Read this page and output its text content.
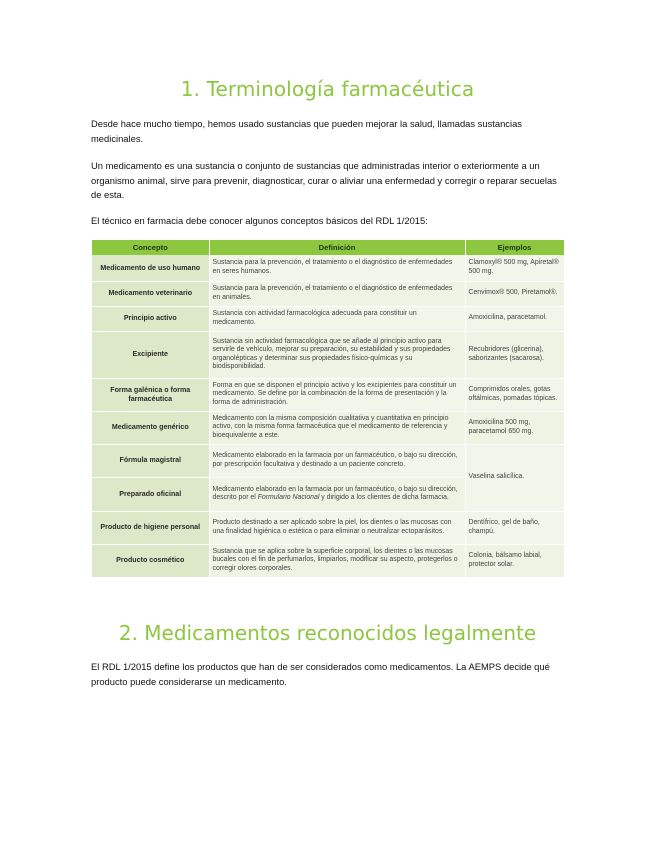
1. Terminología farmacéutica

Desde hace mucho tiempo, hemos usado sustancias que pueden mejorar la salud, llamadas sustancias medicinales.

Un medicamento es una sustancia o conjunto de sustancias que administradas interior o exteriormente a un organismo animal, sirve para prevenir, diagnosticar, curar o aliviar una enfermedad y corregir o reparar secuelas de esta.

El técnico en farmacia debe conocer algunos conceptos básicos del RDL 1/2015:

Concepto	Definición	Ejemplos
Medicamento de uso humano	Sustancia para la prevención, el tratamiento o el diagnóstico de enfermedades en seres humanos.	Clamoxyl® 500 mg, Apiretal® 500 mg.
Medicamento veterinario	Sustancia para la prevención, el tratamiento o el diagnóstico de enfermedades en animales.	Cenvimox® 500, Piretamol®.
Principio activo	Sustancia con actividad farmacológica adecuada para constituir un medicamento.	Amoxicilina, paracetamol.
Excipiente	Sustancia sin actividad farmacológica que se añade al principio activo para servirle de vehículo, mejorar su preparación, su estabilidad y sus propiedades organolépticas y determinar sus propiedades físico-químicas y su biodisponibilidad.	Recubridores (glicerina), saborizantes (sacarosa).
Forma galénica o forma farmacéutica	Forma en que se disponen el principio activo y los excipientes para constituir un medicamento. Se define por la combinación de la forma de presentación y la forma de administración.	Comprimidos orales, gotas oftálmicas, pomadas tópicas.
Medicamento genérico	Medicamento con la misma composición cualitativa y cuantitativa en principio activo, con la misma forma farmacéutica que el medicamento de referencia y bioequivalente a este.	Amoxicilina 500 mg, paracetamol 650 mg.
Fórmula magistral	Medicamento elaborado en la farmacia por un farmacéutico, o bajo su dirección, por prescripción facultativa y destinado a un paciente concreto.	Vaselina salicílica.
Preparado oficinal	Medicamento elaborado en la farmacia por un farmacéutico, o bajo su dirección, descrito por el Formulario Nacional y dirigido a los clientes de dicha farmacia.	
Producto de higiene personal	Producto destinado a ser aplicado sobre la piel, los dientes o las mucosas con una finalidad higiénica o estética o para eliminar o neutralizar ectoparásitos.	Dentífrico, gel de baño, champú.
Producto cosmético	Sustancia que se aplica sobre la superficie corporal, los dientes o las mucosas bucales con el fin de perfumarlos, limpiarlos, modificar su aspecto, protegerlos o corregir olores corporales.	Colonia, bálsamo labial, protector solar.
2. Medicamentos reconocidos legalmente

El RDL 1/2015 define los productos que han de ser considerados como medicamentos. La AEMPS decide qué producto puede considerarse un medicamento.
